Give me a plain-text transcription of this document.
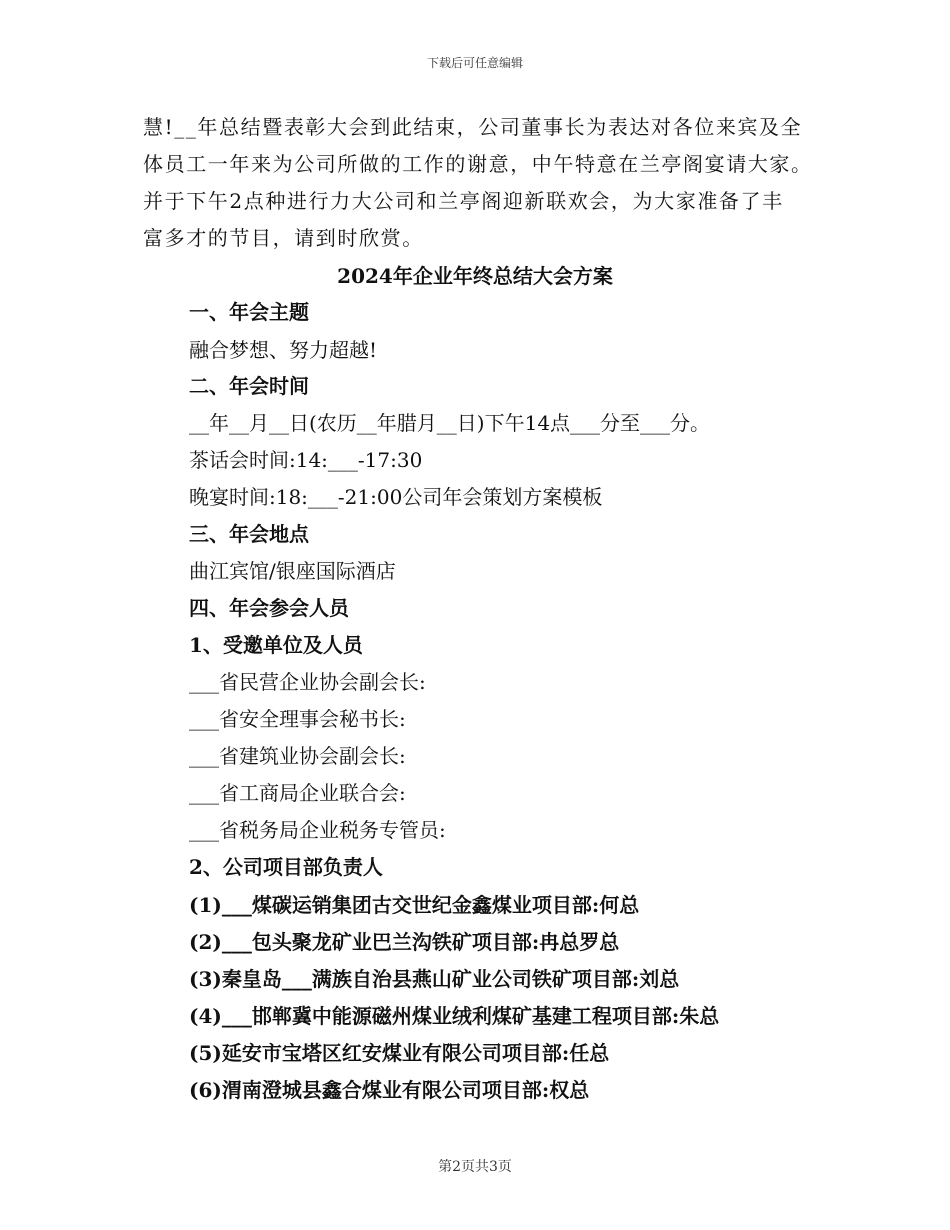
下载后可任意编辑
慧!__年总结暨表彰大会到此结束，公司董事长为表达对各位来宾及全
体员工一年来为公司所做的工作的谢意，中午特意在兰亭阁宴请大家。
并于下午2点种进行力大公司和兰亭阁迎新联欢会，为大家准备了丰
富多才的节目，请到时欣赏。
2024年企业年终总结大会方案
一、年会主题
融合梦想、努力超越!
二、年会时间
__年__月__日(农历__年腊月__日)下午14点___分至___分。
茶话会时间:14:___-17:30
晚宴时间:18:___-21:00公司年会策划方案模板
三、年会地点
曲江宾馆/银座国际酒店
四、年会参会人员
1、受邀单位及人员
___省民营企业协会副会长:
___省安全理事会秘书长:
___省建筑业协会副会长:
___省工商局企业联合会:
___省税务局企业税务专管员:
2、公司项目部负责人
(1)___煤碳运销集团古交世纪金鑫煤业项目部:何总
(2)___包头聚龙矿业巴兰沟铁矿项目部:冉总罗总
(3)秦皇岛___满族自治县燕山矿业公司铁矿项目部:刘总
(4)___邯郸冀中能源磁州煤业绒利煤矿基建工程项目部:朱总
(5)延安市宝塔区红安煤业有限公司项目部:任总
(6)渭南澄城县鑫合煤业有限公司项目部:权总
第2页共3页
